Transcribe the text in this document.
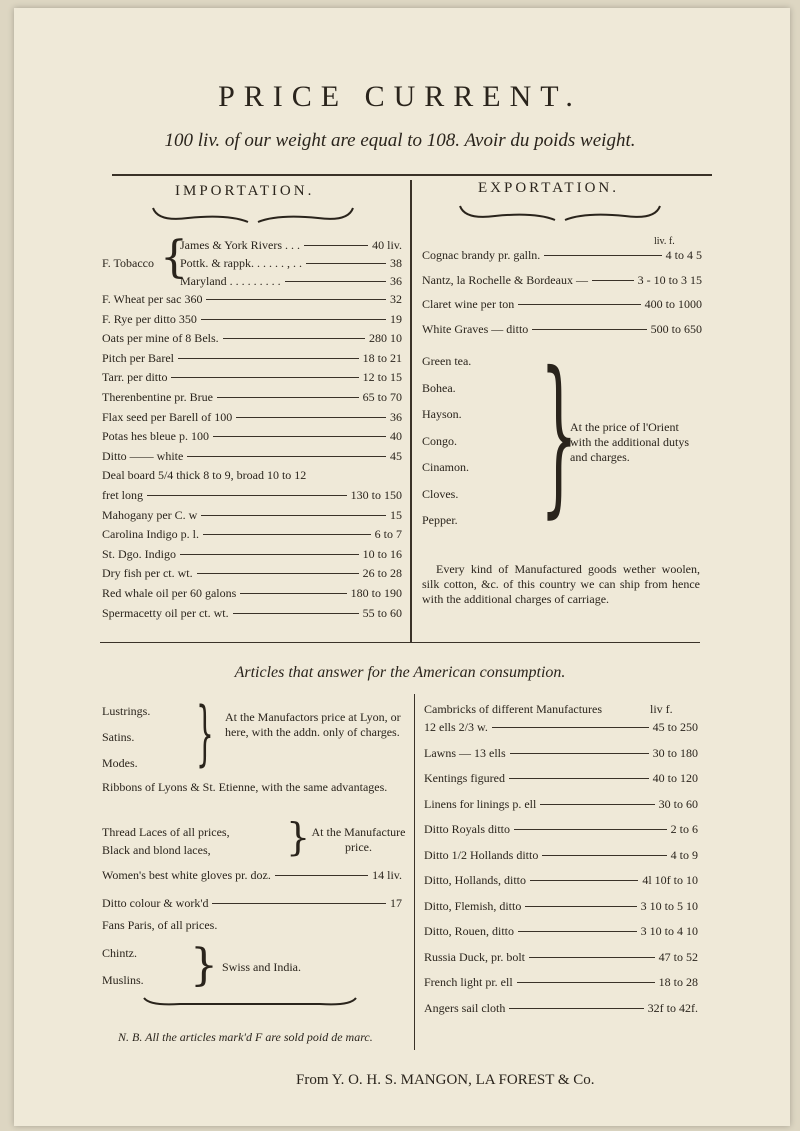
PRICE CURRENT.
100 liv. of our weight are equal to 108. Avoir du poids weight.
IMPORTATION.
F. Tobacco {
James & York Rivers . . .	40 liv.
Pottk. & rappk. . . . . . , . .	38
Maryland . . . . . . . . .	36
F. Wheat per sac 360	32
F. Rye per ditto 350	19
Oats per mine of 8 Bels.	280 10
Pitch per Barel	18 to 21
Tarr. per ditto	12 to 15
Therenbentine pr. Brue	65 to 70
Flax seed per Barell of 100	36
Potas hes bleue p. 100	40
Ditto —— white	45
Deal board 5/4 thick 8 to 9, broad 10 to 12
fret long	130 to 150
Mahogany per C. w	15
Carolina Indigo p. l.	6 to 7
St. Dgo. Indigo	10 to 16
Dry fish per ct. wt.	26 to 28
Red whale oil per 60 galons	180 to 190
Spermacetty oil per ct. wt.	55 to 60
EXPORTATION.
liv. f.
Cognac brandy pr. galln.	4 to 4 5
Nantz, la Rochelle & Bordeaux —	3 - 10 to 3 15
Claret wine per ton	400 to 1000
White Graves — ditto	500 to 650
Green tea.
Bohea.
Hayson.
Congo.
Cinamon.
Cloves.
Pepper. }
At the price of l'Orient with the additional dutys and charges.
Every kind of Manufactured goods wether woolen, silk cotton, &c. of this country we can ship from hence with the additional charges of carriage.
Articles that answer for the American consumption.
Lustrings.
Satins.
Modes. } At the Manufactors price at Lyon, or here, with the addn. only of charges.
Ribbons of Lyons & St. Etienne, with the same advantages.
Thread Laces of all prices,
Black and blond laces,	} At the Manufacture price.
Women's best white gloves pr. doz.	14 liv.
Ditto colour & work'd	17
Fans Paris, of all prices.
Chintz.
Muslins. } Swiss and India.
N. B. All the articles mark'd F are sold poid de marc.
Cambricks of different Manufactures	liv f.
12 ells 2/3 w.	45 to 250
Lawns — 13 ells	30 to 180
Kentings figured	40 to 120
Linens for linings p. ell	30 to 60
Ditto Royals ditto	2 to 6
Ditto 1/2 Hollands ditto	4 to 9
Ditto, Hollands, ditto	4l 10f to 10
Ditto, Flemish, ditto	3 10 to 5 10
Ditto, Rouen, ditto	3 10 to 4 10
Russia Duck, pr. bolt	47 to 52
French light pr. ell	18 to 28
Angers sail cloth	32f to 42f.
From Y. O. H. S. MANGON, LA FOREST & Co.
